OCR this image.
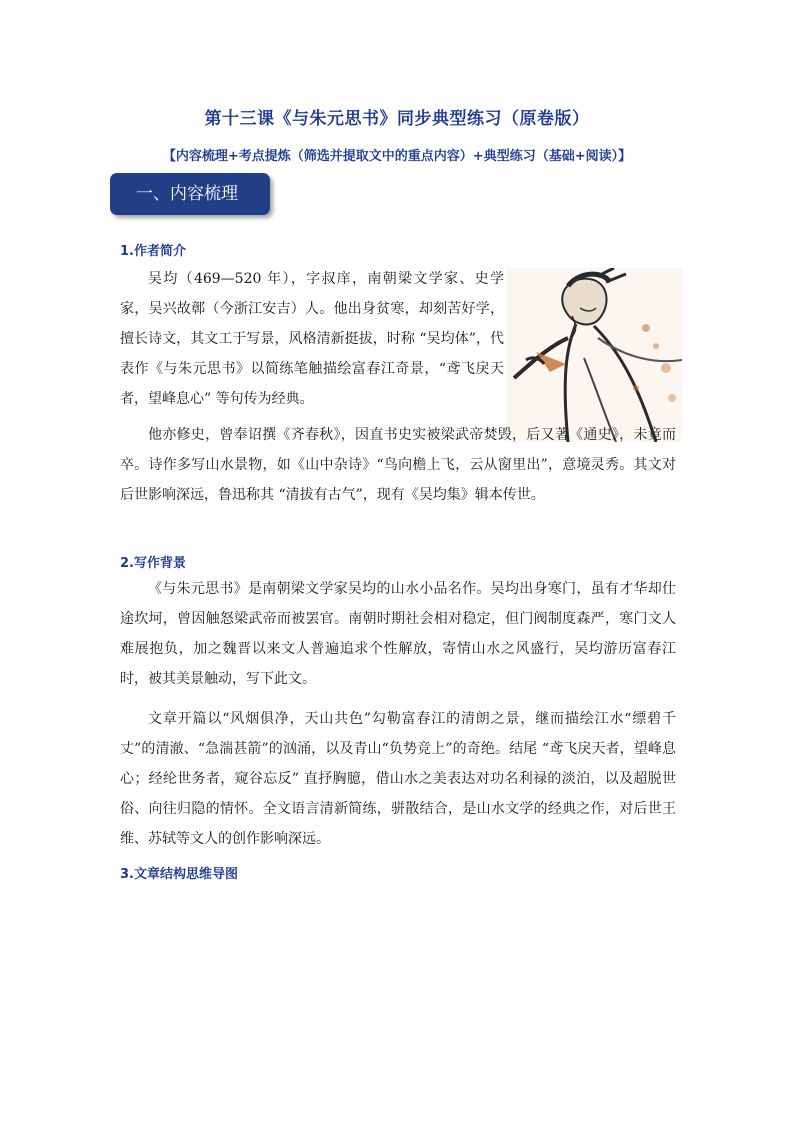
第十三课《与朱元思书》同步典型练习（原卷版）
【内容梳理+考点提炼（筛选并提取文中的重点内容）+典型练习（基础+阅读）】
一、内容梳理
1.作者简介

吴均（469—520 年），字叔庠，南朝梁文学家、史学家，吴兴故鄣（今浙江安吉）人。他出身贫寒，却刻苦好学，擅长诗文，其文工于写景，风格清新挺拔，时称 “吴均体”，代表作《与朱元思书》以简练笔触描绘富春江奇景，“鸢飞戾天者，望峰息心” 等句传为经典。

他亦修史，曾奉诏撰《齐春秋》，因直书史实被梁武帝焚毁，后又著《通史》，未竟而卒。诗作多写山水景物，如《山中杂诗》“鸟向檐上飞，云从窗里出”，意境灵秀。其文对后世影响深远，鲁迅称其 “清拔有古气”，现有《吴均集》辑本传世。

2.写作背景

《与朱元思书》是南朝梁文学家吴均的山水小品名作。吴均出身寒门，虽有才华却仕途坎坷，曾因触怒梁武帝而被罢官。南朝时期社会相对稳定，但门阀制度森严，寒门文人难展抱负，加之魏晋以来文人普遍追求个性解放，寄情山水之风盛行，吴均游历富春江时，被其美景触动，写下此文。

文章开篇以“风烟俱净，天山共色”勾勒富春江的清朗之景，继而描绘江水“缥碧千丈”的清澈、“急湍甚箭”的汹涌，以及青山“负势竞上”的奇绝。结尾 “鸢飞戾天者，望峰息心；经纶世务者，窥谷忘反” 直抒胸臆，借山水之美表达对功名利禄的淡泊，以及超脱世俗、向往归隐的情怀。全文语言清新简练，骈散结合，是山水文学的经典之作，对后世王维、苏轼等文人的创作影响深远。

3.文章结构思维导图
